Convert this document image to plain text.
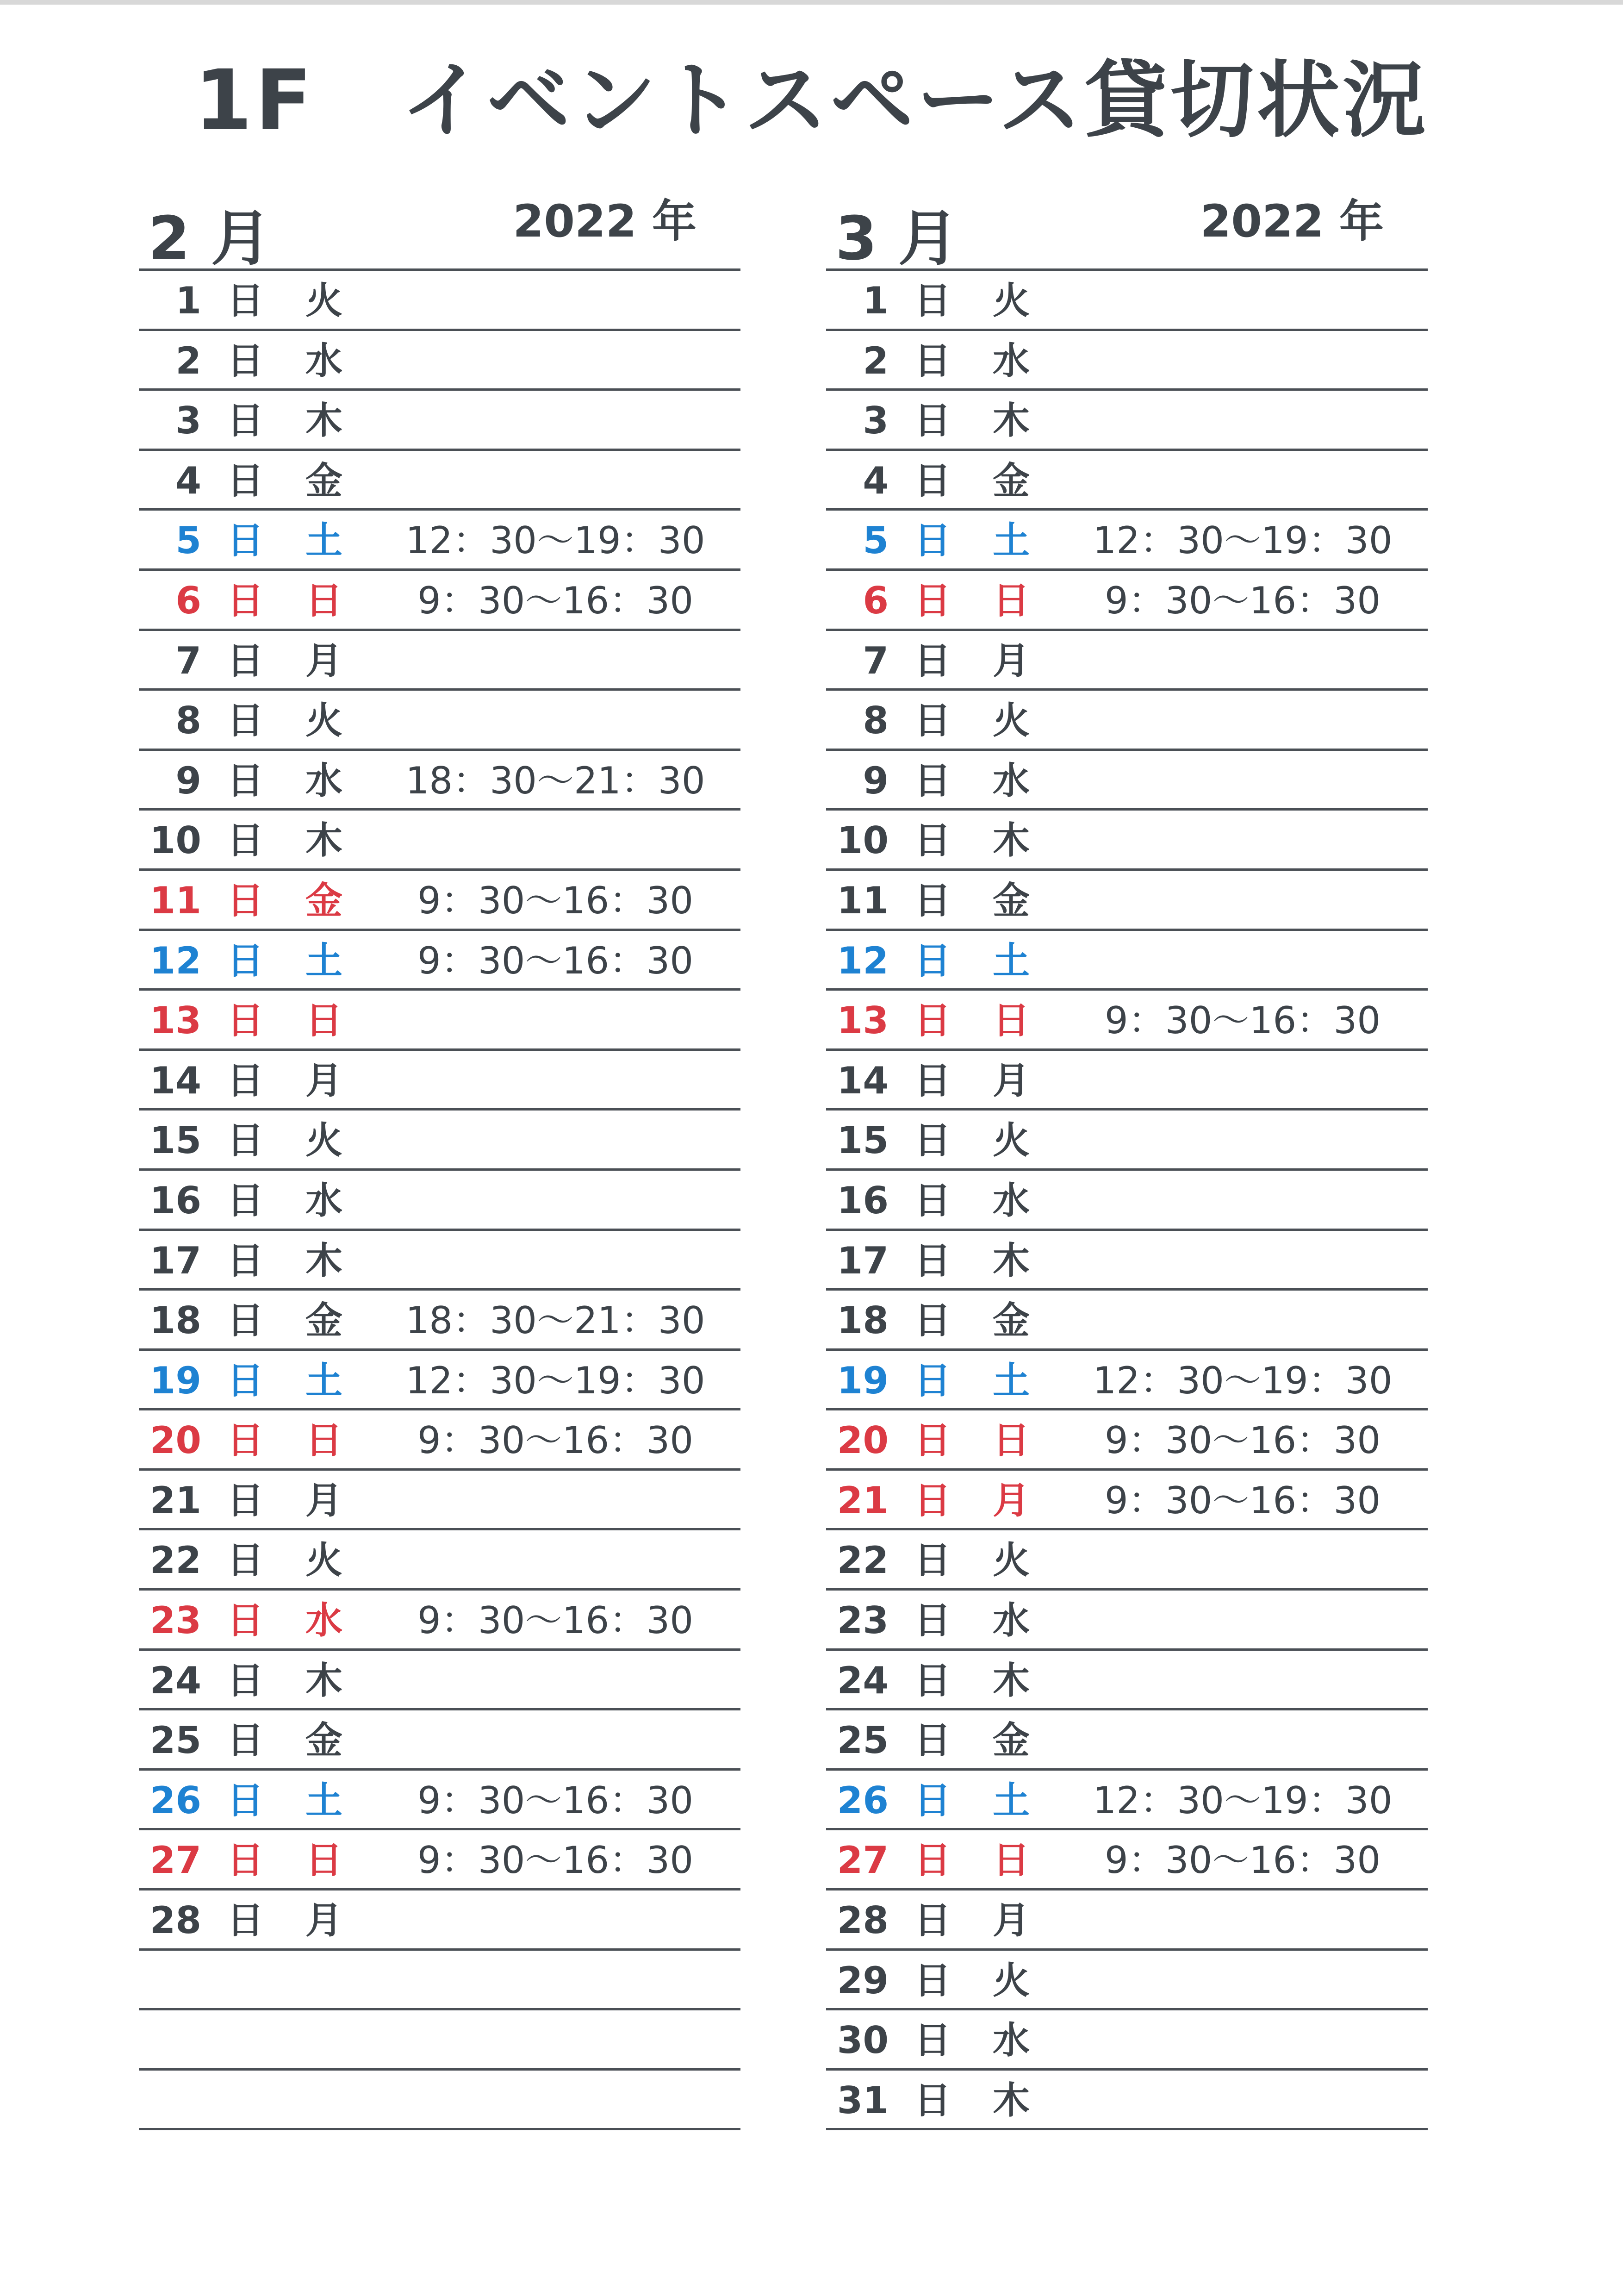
1F　イベントスペース貸切状況
2 月	2022 年
1 日 火
2 日 水
3 日 木
4 日 金
5 日 土 12：30〜19：30
6 日 日	9：30〜16：30
7 日 月
8 日 火
9 日 水 18：30〜21：30
10 日 木
11 日 金	9：30〜16：30
12 日 土	9：30〜16：30
13 日 日
14 日 月
15 日 火
16 日 水
17 日 木
18 日 金 18：30〜21：30
19 日 土 12：30〜19：30
20 日 日	9：30〜16：30
21 日 月
22 日 火
23 日 水	9：30〜16：30
24 日 木
25 日 金
26 日 土	9：30〜16：30
27 日 日	9：30〜16：30
28 日 月
3 月	2022 年
1 日 火
2 日 水
3 日 木
4 日 金
5 日 土 12：30〜19：30
6 日 日	9：30〜16：30
7 日 月
8 日 火
9 日 水
10 日 木
11 日 金
12 日 土
13 日 日	9：30〜16：30
14 日 月
15 日 火
16 日 水
17 日 木
18 日 金
19 日 土 12：30〜19：30
20 日 日	9：30〜16：30
21 日 月	9：30〜16：30
22 日 火
23 日 水
24 日 木
25 日 金
26 日 土 12：30〜19：30
27 日 日	9：30〜16：30
28 日 月
29 日 火
30 日 水
31 日 木
